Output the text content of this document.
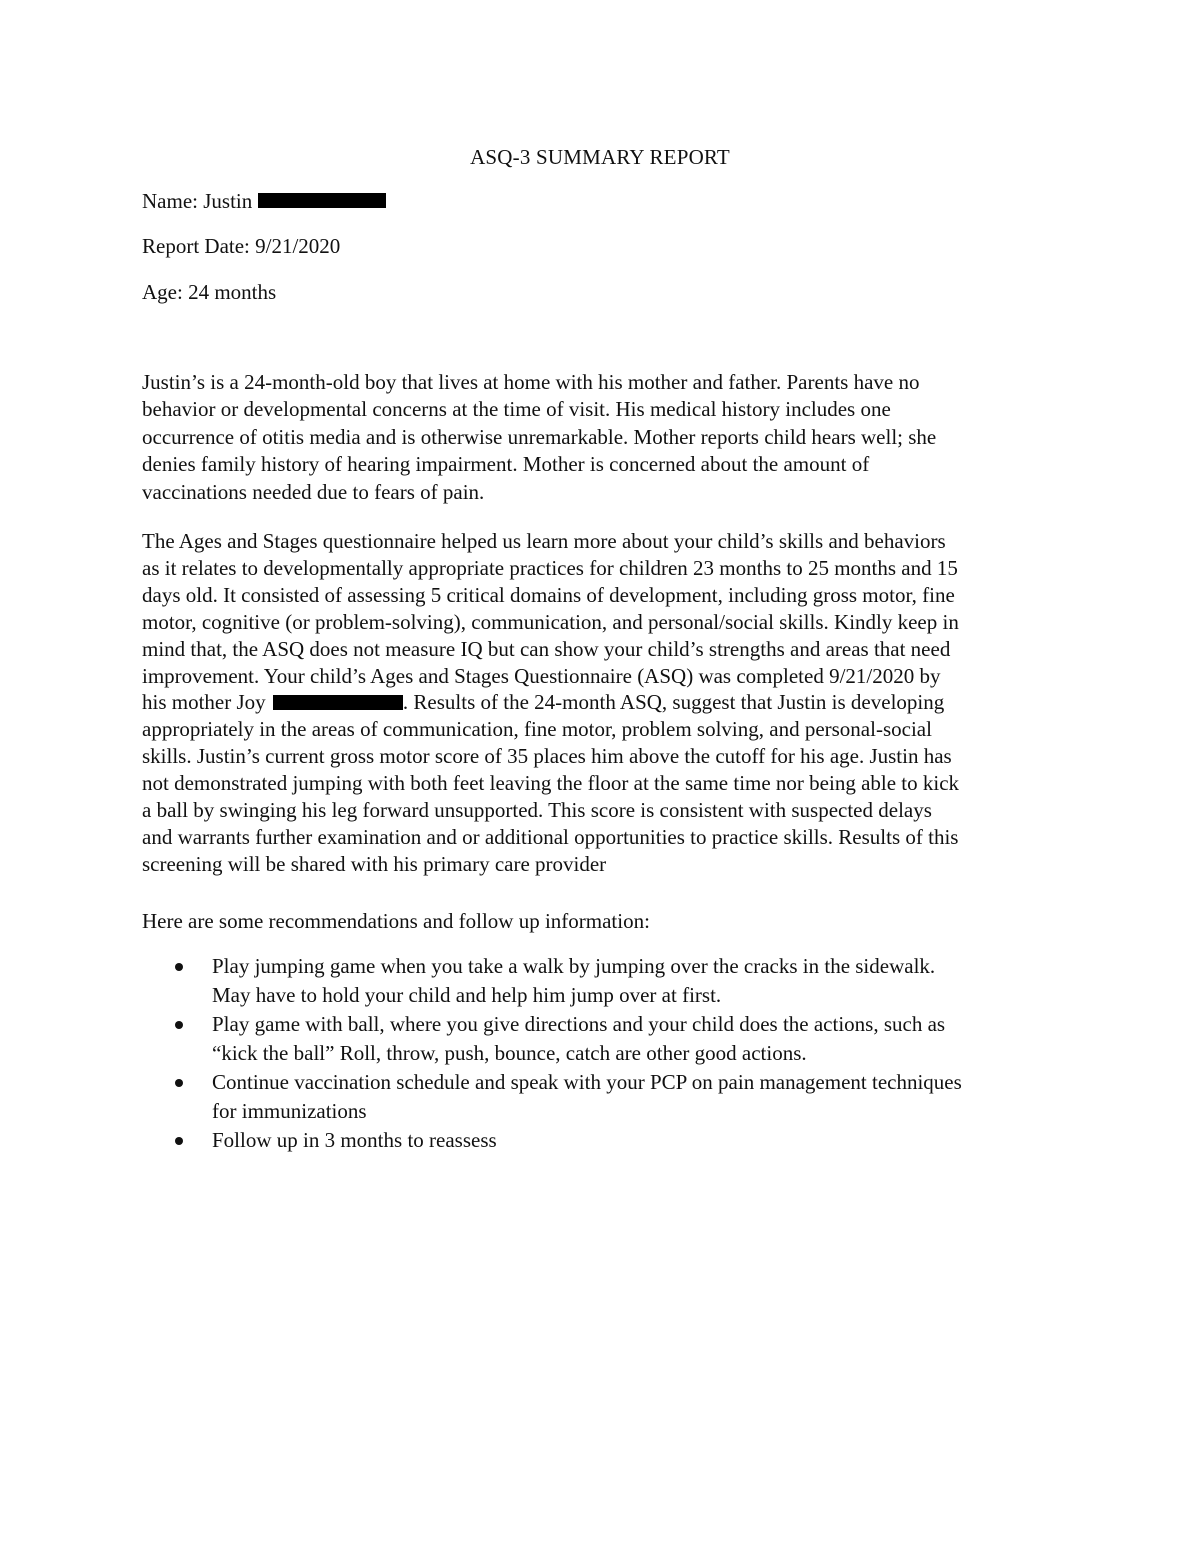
ASQ-3 SUMMARY REPORT
Name: Justin
Report Date: 9/21/2020
Age: 24 months

Justin’s is a 24-month-old boy that lives at home with his mother and father. Parents have no
behavior or developmental concerns at the time of visit. His medical history includes one
occurrence of otitis media and is otherwise unremarkable. Mother reports child hears well; she
denies family history of hearing impairment. Mother is concerned about the amount of
vaccinations needed due to fears of pain.

The Ages and Stages questionnaire helped us learn more about your child’s skills and behaviors
as it relates to developmentally appropriate practices for children 23 months to 25 months and 15
days old. It consisted of assessing 5 critical domains of development, including gross motor, fine
motor, cognitive (or problem-solving), communication, and personal/social skills. Kindly keep in
mind that, the ASQ does not measure IQ but can show your child’s strengths and areas that need
improvement. Your child’s Ages and Stages Questionnaire (ASQ) was completed 9/21/2020 by
his mother Joy	. Results of the 24-month ASQ, suggest that Justin is developing
appropriately in the areas of communication, fine motor, problem solving, and personal-social
skills. Justin’s current gross motor score of 35 places him above the cutoff for his age. Justin has
not demonstrated jumping with both feet leaving the floor at the same time nor being able to kick
a ball by swinging his leg forward unsupported. This score is consistent with suspected delays
and warrants further examination and or additional opportunities to practice skills. Results of this
screening will be shared with his primary care provider

Here are some recommendations and follow up information:
Play jumping game when you take a walk by jumping over the cracks in the sidewalk.
May have to hold your child and help him jump over at first.
Play game with ball, where you give directions and your child does the actions, such as
“kick the ball” Roll, throw, push, bounce, catch are other good actions.
Continue vaccination schedule and speak with your PCP on pain management techniques
for immunizations
Follow up in 3 months to reassess
